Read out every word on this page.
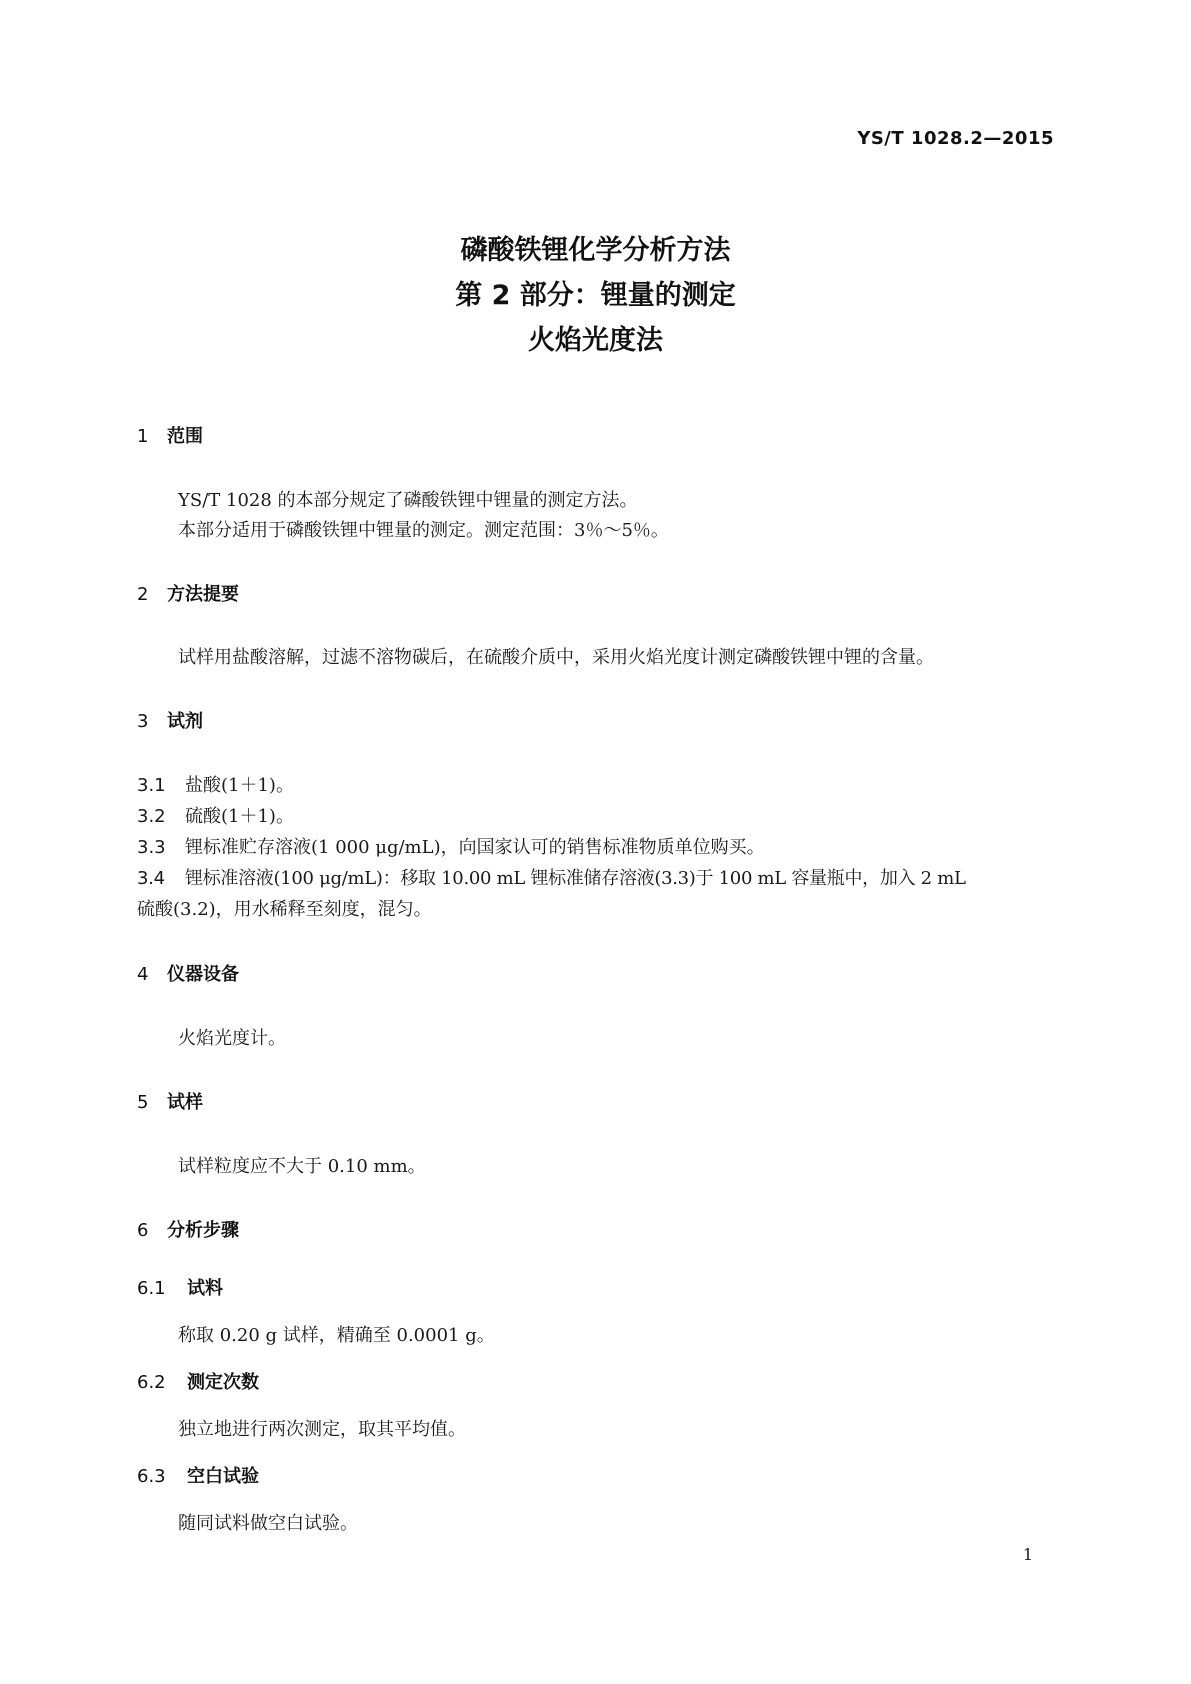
YS/T 1028.2—2015
磷酸铁锂化学分析方法
第 2 部分：锂量的测定
火焰光度法
1 范围
YS/T 1028 的本部分规定了磷酸铁锂中锂量的测定方法。
本部分适用于磷酸铁锂中锂量的测定。测定范围：3％～5％。
2 方法提要
试样用盐酸溶解，过滤不溶物碳后，在硫酸介质中，采用火焰光度计测定磷酸铁锂中锂的含量。
3 试剂
3.1 盐酸(1＋1)。
3.2 硫酸(1＋1)。
3.3 锂标准贮存溶液(1 000 μg/mL)，向国家认可的销售标准物质单位购买。
3.4 锂标准溶液(100 μg/mL)：移取 10.00 mL 锂标准储存溶液(3.3)于 100 mL 容量瓶中，加入 2 mL
硫酸(3.2)，用水稀释至刻度，混匀。
4 仪器设备
火焰光度计。
5 试样
试样粒度应不大于 0.10 mm。
6 分析步骤
6.1 试料
称取 0.20 g 试样，精确至 0.0001 g。
6.2 测定次数
独立地进行两次测定，取其平均值。
6.3 空白试验
随同试料做空白试验。
1
